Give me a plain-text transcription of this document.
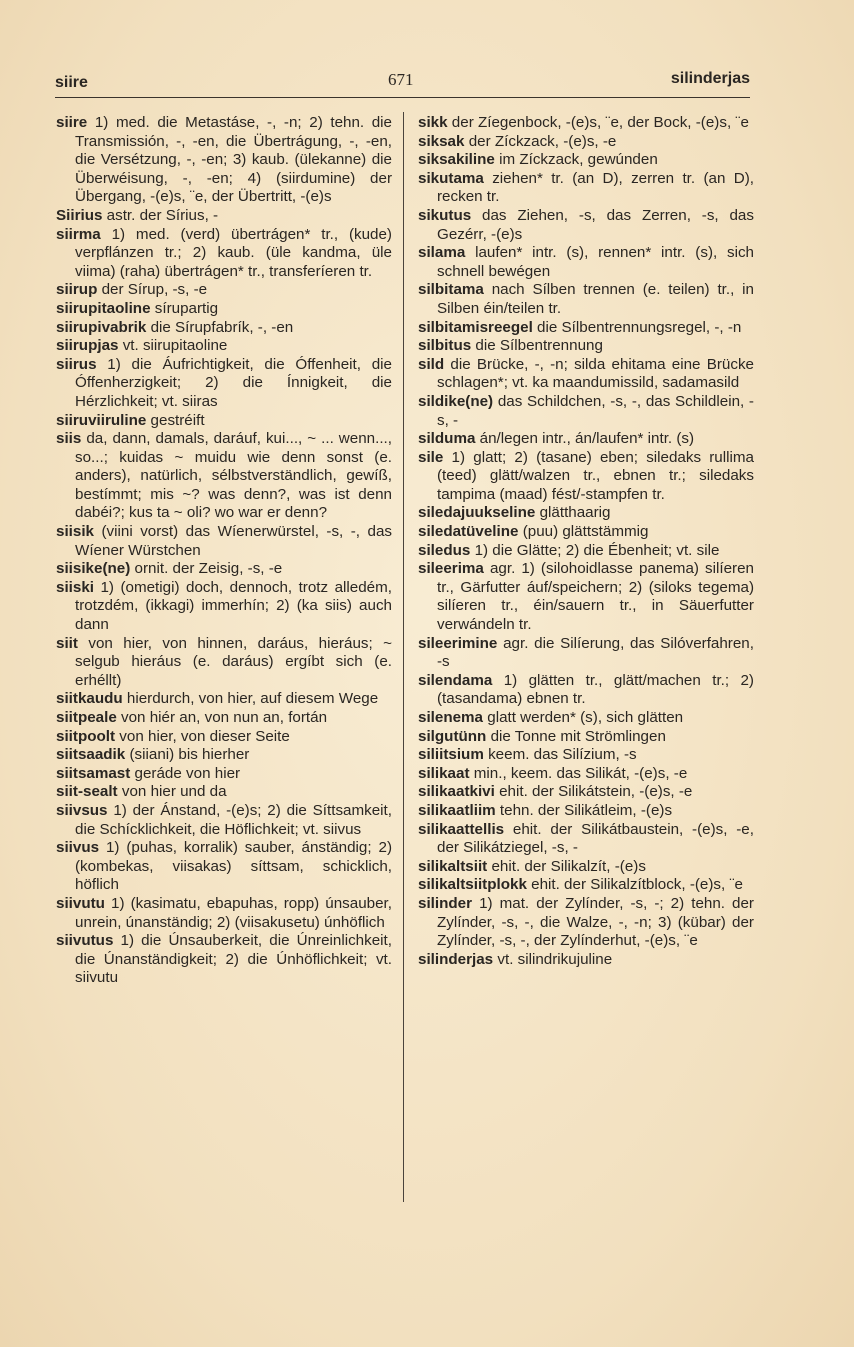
siire	671	silinderjas

siire 1) med. die Metastáse, -, -n; 2) tehn. die Transmissión, -, -en, die Übertrágung, -, -en, die Versétzung, -, -en; 3) kaub. (ülekanne) die Überwéisung, -, -en; 4) (siirdumine) der Übergang, -(e)s, ¨e, der Übertritt, -(e)s

Siirius astr. der Sírius, -

siirma 1) med. (verd) übertrágen* tr., (kude) verpflánzen tr.; 2) kaub. (üle kandma, üle viima) (raha) übertrágen* tr., transferíeren tr.

siirup der Sírup, -s, -e

siirupitaoline sírupartig

siirupivabrik die Sírupfabrík, -, -en

siirupjas vt. siirupitaoline

siirus 1) die Áufrichtigkeit, die Óffenheit, die Óffenherzigkeit; 2) die Ínnigkeit, die Hérzlichkeit; vt. siiras

siiruviiruline gestréift

siis da, dann, damals, daráuf, kui..., ~ ... wenn..., so...; kuidas ~ muidu wie denn sonst (e. anders), natürlich, sélbstverständlich, gewíß, bestímmt; mis ~? was denn?, was ist denn dabéi?; kus ta ~ oli? wo war er denn?

siisik (viini vorst) das Wíenerwürstel, -s, -, das Wíener Würstchen

siisike(ne) ornit. der Zeisig, -s, -e

siiski 1) (ometigi) doch, dennoch, trotz alledém, trotzdém, (ikkagi) immerhín; 2) (ka siis) auch dann

siit von hier, von hinnen, daráus, hieráus; ~ selgub hieráus (e. daráus) ergíbt sich (e. erhéllt)

siitkaudu hierdurch, von hier, auf diesem Wege

siitpeale von hiér an, von nun an, fortán

siitpoolt von hier, von dieser Seite

siitsaadik (siiani) bis hierher

siitsamast geráde von hier

siit-sealt von hier und da

siivsus 1) der Ánstand, -(e)s; 2) die Síttsamkeit, die Schícklichkeit, die Höflichkeit; vt. siivus

siivus 1) (puhas, korralik) sauber, ánständig; 2) (kombekas, viisakas) síttsam, schicklich, höflich

siivutu 1) (kasimatu, ebapuhas, ropp) únsauber, unrein, únanständig; 2) (viisakusetu) únhöflich

siivutus 1) die Únsauberkeit, die Únreinlichkeit, die Únanständigkeit; 2) die Únhöflichkeit; vt. siivutu

sikk der Zíegenbock, -(e)s, ¨e, der Bock, -(e)s, ¨e

siksak der Zíckzack, -(e)s, -e

siksakiline im Zíckzack, gewúnden

sikutama ziehen* tr. (an D), zerren tr. (an D), recken tr.

sikutus das Ziehen, -s, das Zerren, -s, das Gezérr, -(e)s

silama laufen* intr. (s), rennen* intr. (s), sich schnell bewégen

silbitama nach Sílben trennen (e. teilen) tr., in Silben éin/teilen tr.

silbitamisreegel die Sílbentrennungsregel, -, -n

silbitus die Sílbentrennung

sild die Brücke, -, -n; silda ehitama eine Brücke schlagen*; vt. ka maandumissild, sadamasild

sildike(ne) das Schildchen, -s, -, das Schildlein, -s, -

silduma án/legen intr., án/laufen* intr. (s)

sile 1) glatt; 2) (tasane) eben; siledaks rullima (teed) glätt/walzen tr., ebnen tr.; siledaks tampima (maad) fést/-stampfen tr.

siledajuukseline glätthaarig

siledatüveline (puu) glättstämmig

siledus 1) die Glätte; 2) die Ébenheit; vt. sile

sileerima agr. 1) (silohoidlasse panema) silíeren tr., Gärfutter áuf/speichern; 2) (siloks tegema) silíeren tr., éin/sauern tr., in Säuerfutter verwándeln tr.

sileerimine agr. die Silíerung, das Silóverfahren, -s

silendama 1) glätten tr., glätt/machen tr.; 2) (tasandama) ebnen tr.

silenema glatt werden* (s), sich glätten

silgutünn die Tonne mit Strömlingen

siliitsium keem. das Silízium, -s

silikaat min., keem. das Silikát, -(e)s, -e

silikaatkivi ehit. der Silikátstein, -(e)s, -e

silikaatliim tehn. der Silikátleim, -(e)s

silikaattellis ehit. der Silikátbaustein, -(e)s, -e, der Silikátziegel, -s, -

silikaltsiit ehit. der Silikalzít, -(e)s

silikaltsiitplokk ehit. der Silikalzítblock, -(e)s, ¨e

silinder 1) mat. der Zylínder, -s, -; 2) tehn. der Zylínder, -s, -, die Walze, -, -n; 3) (kübar) der Zylínder, -s, -, der Zylínderhut, -(e)s, ¨e

silinderjas vt. silindrikujuline
